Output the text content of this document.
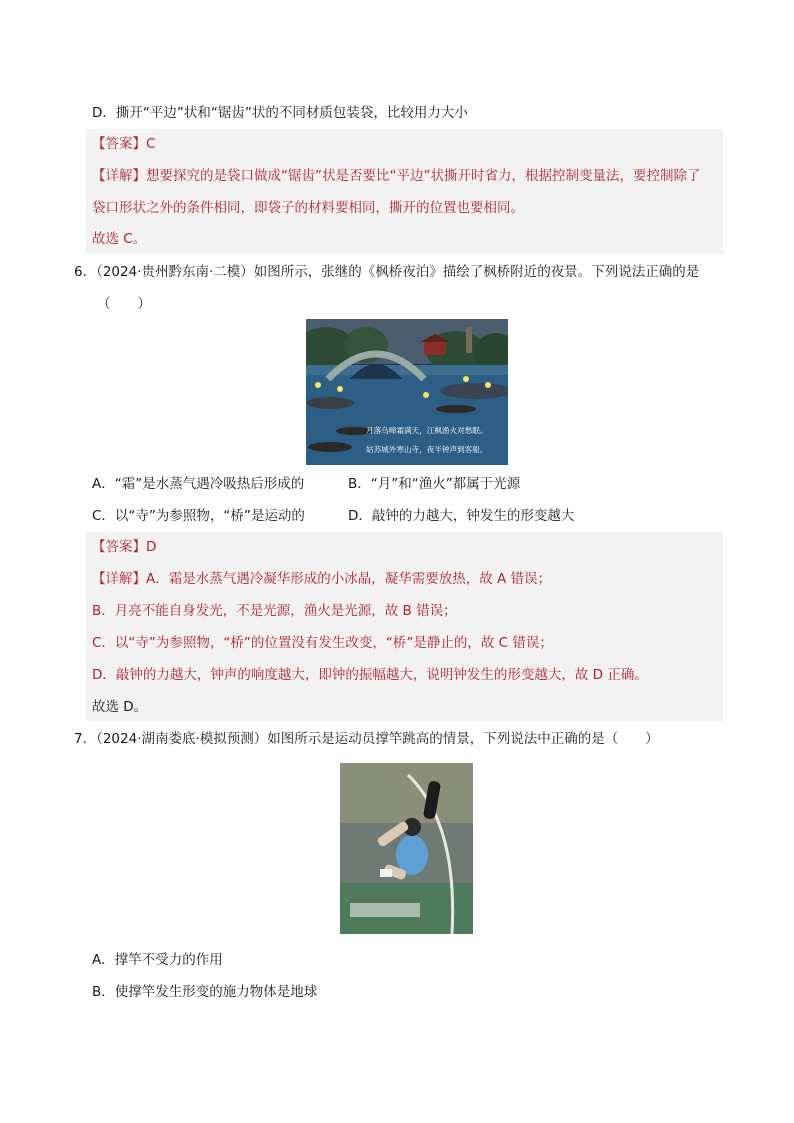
D．撕开“平边”状和“锯齿”状的不同材质包装袋，比较用力大小
【答案】C
【详解】想要探究的是袋口做成“锯齿”状是否要比“平边”状撕开时省力，根据控制变量法，要控制除了
袋口形状之外的条件相同，即袋子的材料要相同，撕开的位置也要相同。
故选 C。
6．（2024·贵州黔东南·二模）如图所示，张继的《枫桥夜泊》描绘了枫桥附近的夜景。下列说法正确的是
（　　）
月落乌啼霜满天，江枫渔火对愁眠。
姑苏城外寒山寺，夜半钟声到客船。
A．“霜”是水蒸气遇冷吸热后形成的	B．“月”和“渔火”都属于光源
C．以“寺”为参照物，“桥”是运动的	D．敲钟的力越大，钟发生的形变越大
【答案】D
【详解】A．霜是水蒸气遇冷凝华形成的小冰晶，凝华需要放热，故 A 错误；
B．月亮不能自身发光，不是光源，渔火是光源，故 B 错误；
C．以“寺”为参照物，“桥”的位置没有发生改变，“桥”是静止的，故 C 错误；
D．敲钟的力越大，钟声的响度越大，即钟的振幅越大，说明钟发生的形变越大，故 D 正确。
故选 D。
7．（2024·湖南娄底·模拟预测）如图所示是运动员撑竿跳高的情景，下列说法中正确的是（　　）
A．撑竿不受力的作用
B．使撑竿发生形变的施力物体是地球
